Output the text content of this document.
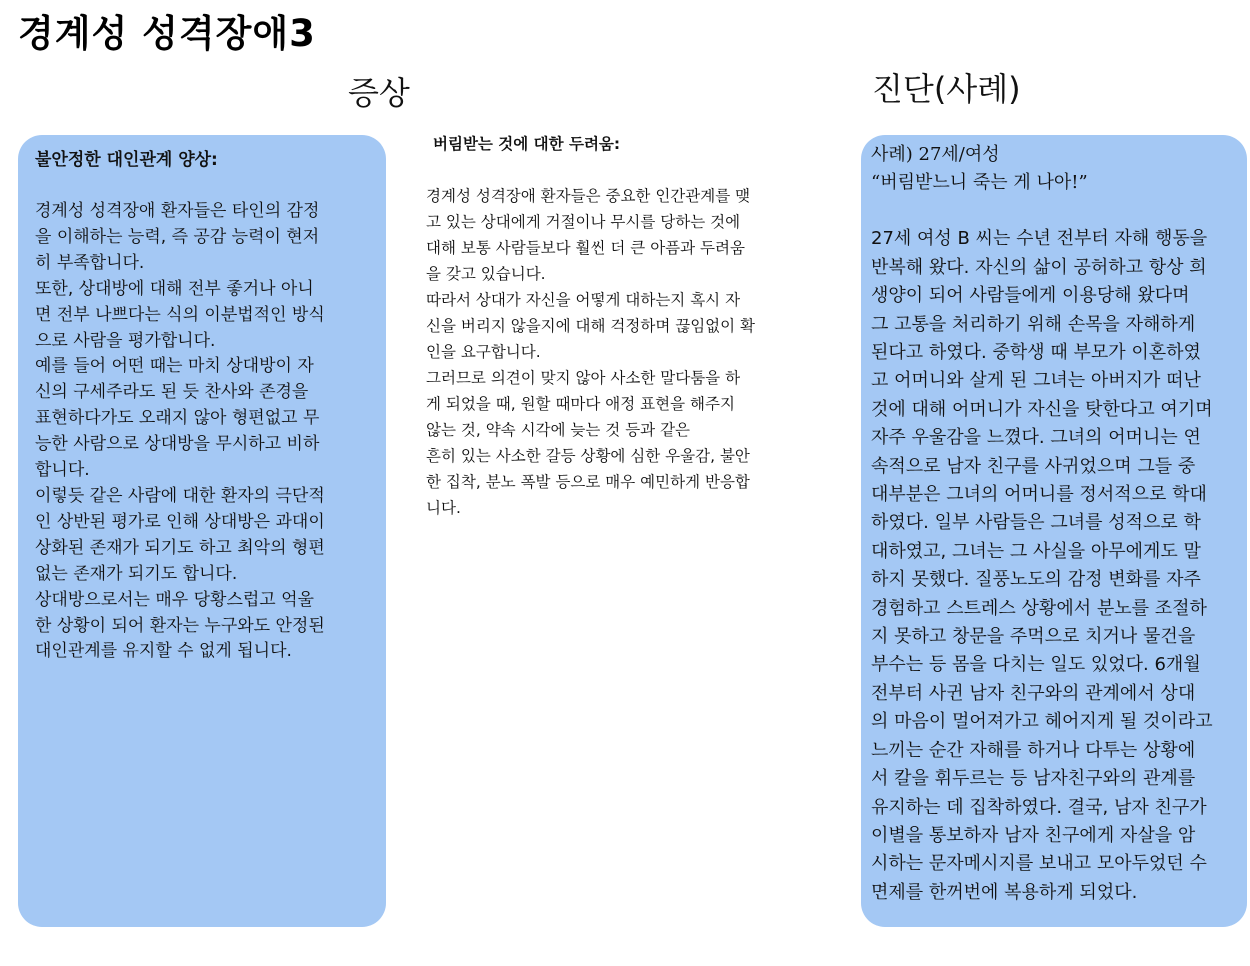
경계성 성격장애3
증상	진단(사례)
불안정한 대인관계 양상:
경계성 성격장애 환자들은 타인의 감정
을 이해하는 능력, 즉 공감 능력이 현저
히 부족합니다.
또한, 상대방에 대해 전부 좋거나 아니
면 전부 나쁘다는 식의 이분법적인 방식
으로 사람을 평가합니다.
예를 들어 어떤 때는 마치 상대방이 자
신의 구세주라도 된 듯 찬사와 존경을
표현하다가도 오래지 않아 형편없고 무
능한 사람으로 상대방을 무시하고 비하
합니다.
이렇듯 같은 사람에 대한 환자의 극단적
인 상반된 평가로 인해 상대방은 과대이
상화된 존재가 되기도 하고 최악의 형편
없는 존재가 되기도 합니다.
상대방으로서는 매우 당황스럽고 억울
한 상황이 되어 환자는 누구와도 안정된
대인관계를 유지할 수 없게 됩니다.
버림받는 것에 대한 두려움:
경계성 성격장애 환자들은 중요한 인간관계를 맺
고 있는 상대에게 거절이나 무시를 당하는 것에
대해 보통 사람들보다 훨씬 더 큰 아픔과 두려움
을 갖고 있습니다.
따라서 상대가 자신을 어떻게 대하는지 혹시 자
신을 버리지 않을지에 대해 걱정하며 끊임없이 확
인을 요구합니다.
그러므로 의견이 맞지 않아 사소한 말다툼을 하
게 되었을 때, 원할 때마다 애정 표현을 해주지
않는 것, 약속 시각에 늦는 것 등과 같은
흔히 있는 사소한 갈등 상황에 심한 우울감, 불안
한 집착, 분노 폭발 등으로 매우 예민하게 반응합
니다.
사례) 27세/여성
“버림받느니 죽는 게 나아!”
27세 여성 B 씨는 수년 전부터 자해 행동을
반복해 왔다. 자신의 삶이 공허하고 항상 희
생양이 되어 사람들에게 이용당해 왔다며
그 고통을 처리하기 위해 손목을 자해하게
된다고 하였다. 중학생 때 부모가 이혼하였
고 어머니와 살게 된 그녀는 아버지가 떠난
것에 대해 어머니가 자신을 탓한다고 여기며
자주 우울감을 느꼈다. 그녀의 어머니는 연
속적으로 남자 친구를 사귀었으며 그들 중
대부분은 그녀의 어머니를 정서적으로 학대
하였다. 일부 사람들은 그녀를 성적으로 학
대하였고, 그녀는 그 사실을 아무에게도 말
하지 못했다. 질풍노도의 감정 변화를 자주
경험하고 스트레스 상황에서 분노를 조절하
지 못하고 창문을 주먹으로 치거나 물건을
부수는 등 몸을 다치는 일도 있었다. 6개월
전부터 사귄 남자 친구와의 관계에서 상대
의 마음이 멀어져가고 헤어지게 될 것이라고
느끼는 순간 자해를 하거나 다투는 상황에
서 칼을 휘두르는 등 남자친구와의 관계를
유지하는 데 집착하였다. 결국, 남자 친구가
이별을 통보하자 남자 친구에게 자살을 암
시하는 문자메시지를 보내고 모아두었던 수
면제를 한꺼번에 복용하게 되었다.
